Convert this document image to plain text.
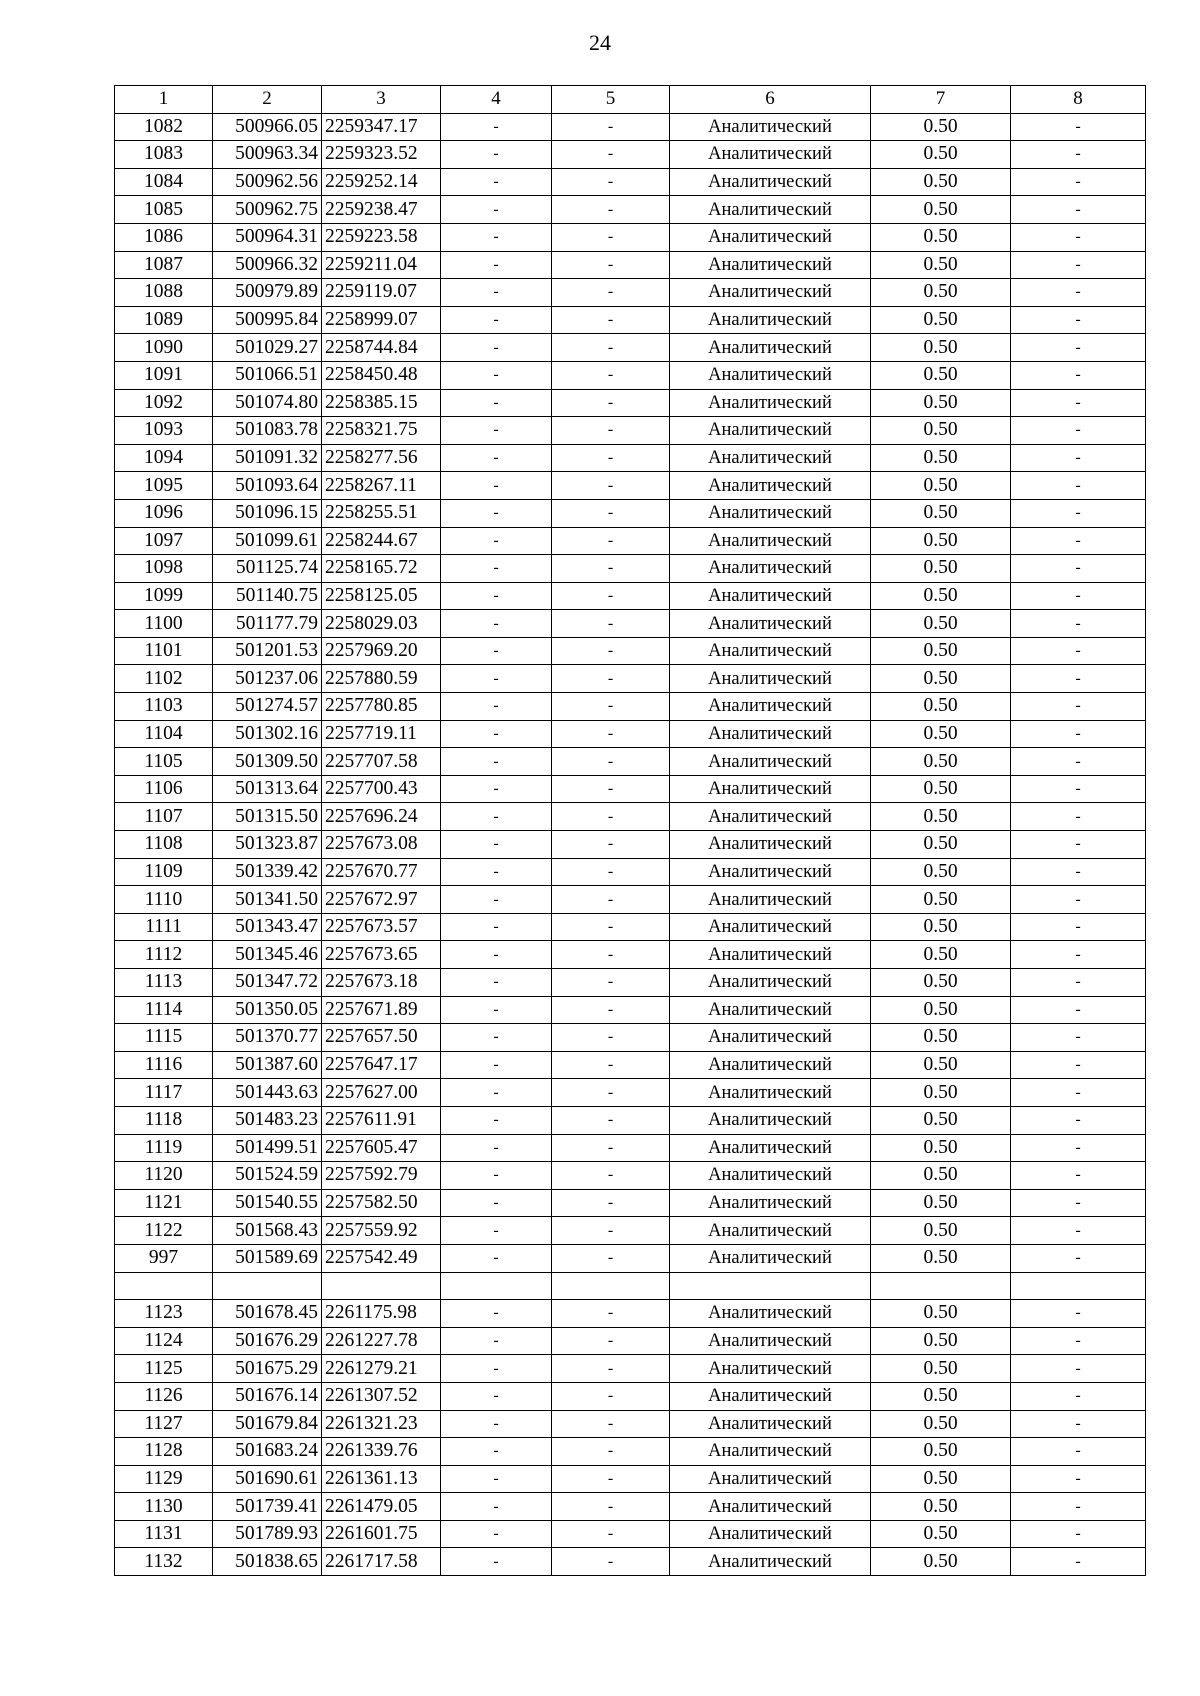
24
1	2	3	4	5	6	7	8
1082	500966.05	2259347.17	-	-	Аналитический	0.50	-
1083	500963.34	2259323.52	-	-	Аналитический	0.50	-
1084	500962.56	2259252.14	-	-	Аналитический	0.50	-
1085	500962.75	2259238.47	-	-	Аналитический	0.50	-
1086	500964.31	2259223.58	-	-	Аналитический	0.50	-
1087	500966.32	2259211.04	-	-	Аналитический	0.50	-
1088	500979.89	2259119.07	-	-	Аналитический	0.50	-
1089	500995.84	2258999.07	-	-	Аналитический	0.50	-
1090	501029.27	2258744.84	-	-	Аналитический	0.50	-
1091	501066.51	2258450.48	-	-	Аналитический	0.50	-
1092	501074.80	2258385.15	-	-	Аналитический	0.50	-
1093	501083.78	2258321.75	-	-	Аналитический	0.50	-
1094	501091.32	2258277.56	-	-	Аналитический	0.50	-
1095	501093.64	2258267.11	-	-	Аналитический	0.50	-
1096	501096.15	2258255.51	-	-	Аналитический	0.50	-
1097	501099.61	2258244.67	-	-	Аналитический	0.50	-
1098	501125.74	2258165.72	-	-	Аналитический	0.50	-
1099	501140.75	2258125.05	-	-	Аналитический	0.50	-
1100	501177.79	2258029.03	-	-	Аналитический	0.50	-
1101	501201.53	2257969.20	-	-	Аналитический	0.50	-
1102	501237.06	2257880.59	-	-	Аналитический	0.50	-
1103	501274.57	2257780.85	-	-	Аналитический	0.50	-
1104	501302.16	2257719.11	-	-	Аналитический	0.50	-
1105	501309.50	2257707.58	-	-	Аналитический	0.50	-
1106	501313.64	2257700.43	-	-	Аналитический	0.50	-
1107	501315.50	2257696.24	-	-	Аналитический	0.50	-
1108	501323.87	2257673.08	-	-	Аналитический	0.50	-
1109	501339.42	2257670.77	-	-	Аналитический	0.50	-
1110	501341.50	2257672.97	-	-	Аналитический	0.50	-
1111	501343.47	2257673.57	-	-	Аналитический	0.50	-
1112	501345.46	2257673.65	-	-	Аналитический	0.50	-
1113	501347.72	2257673.18	-	-	Аналитический	0.50	-
1114	501350.05	2257671.89	-	-	Аналитический	0.50	-
1115	501370.77	2257657.50	-	-	Аналитический	0.50	-
1116	501387.60	2257647.17	-	-	Аналитический	0.50	-
1117	501443.63	2257627.00	-	-	Аналитический	0.50	-
1118	501483.23	2257611.91	-	-	Аналитический	0.50	-
1119	501499.51	2257605.47	-	-	Аналитический	0.50	-
1120	501524.59	2257592.79	-	-	Аналитический	0.50	-
1121	501540.55	2257582.50	-	-	Аналитический	0.50	-
1122	501568.43	2257559.92	-	-	Аналитический	0.50	-
997	501589.69	2257542.49	-	-	Аналитический	0.50	-

1123	501678.45	2261175.98	-	-	Аналитический	0.50	-
1124	501676.29	2261227.78	-	-	Аналитический	0.50	-
1125	501675.29	2261279.21	-	-	Аналитический	0.50	-
1126	501676.14	2261307.52	-	-	Аналитический	0.50	-
1127	501679.84	2261321.23	-	-	Аналитический	0.50	-
1128	501683.24	2261339.76	-	-	Аналитический	0.50	-
1129	501690.61	2261361.13	-	-	Аналитический	0.50	-
1130	501739.41	2261479.05	-	-	Аналитический	0.50	-
1131	501789.93	2261601.75	-	-	Аналитический	0.50	-
1132	501838.65	2261717.58	-	-	Аналитический	0.50	-
